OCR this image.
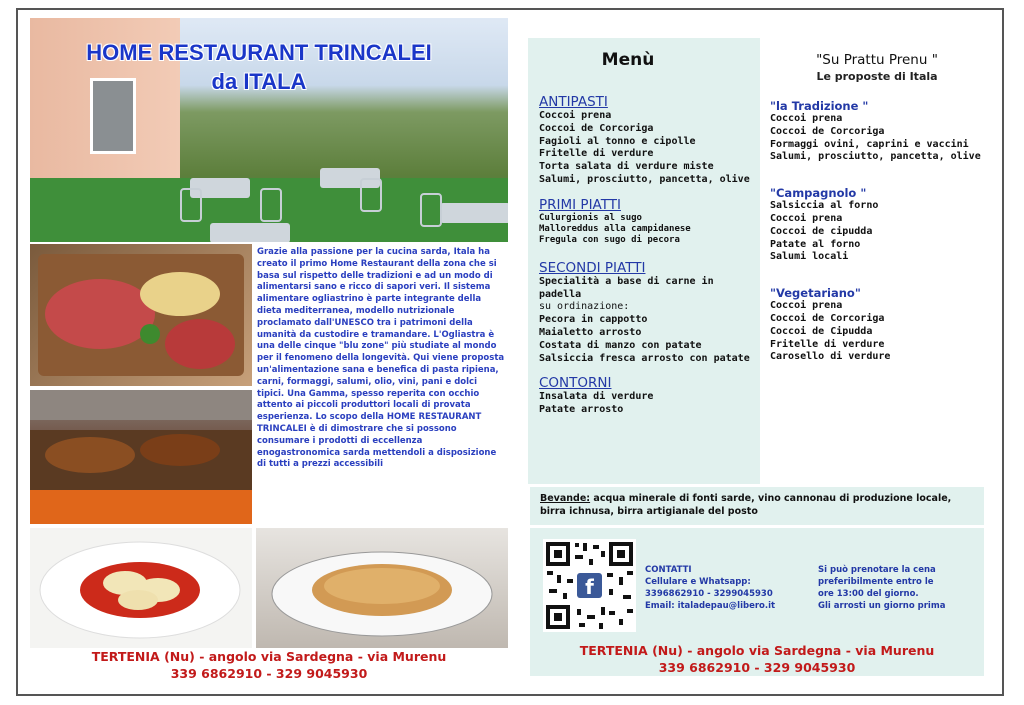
HOME RESTAURANT TRINCALEI
da ITALA
Grazie alla passione per la cucina sarda, Itala ha creato il primo Home Restaurant della zona che si basa sul rispetto delle tradizioni e ad un modo di alimentarsi sano e ricco di sapori veri. Il sistema alimentare ogliastrino è parte integrante della dieta mediterranea, modello nutrizionale proclamato dall'UNESCO tra i patrimoni della umanità da custodire e tramandare. L'Ogliastra è una delle cinque "blu zone" più studiate al mondo per il fenomeno della longevità. Qui viene proposta un'alimentazione sana e benefica di pasta ripiena, carni, formaggi, salumi, olio, vini, pani e dolci tipici. Una Gamma, spesso reperita con occhio attento ai piccoli produttori locali di provata esperienza. Lo scopo della HOME RESTAURANT TRINCALEI è di dimostrare che si possono consumare i prodotti di eccellenza enogastronomica sarda mettendoli a disposizione di tutti a prezzi accessibili
TERTENIA (Nu) - angolo via Sardegna - via Murenu
339 6862910 - 329 9045930
Menù
ANTIPASTI
Coccoi prena
Coccoi de Corcoriga
Fagioli al tonno e cipolle
Fritelle di verdure
Torta salata di verdure miste
Salumi, prosciutto, pancetta, olive
PRIMI PIATTI
Culurgionis al sugo
Malloreddus alla campidanese
Fregula con sugo di pecora
SECONDI PIATTI
Specialità a base di carne in padella
su ordinazione:
Pecora in cappotto
Maialetto arrosto
Costata di manzo con patate
Salsiccia fresca arrosto con patate
CONTORNI
Insalata di verdure
Patate arrosto
"Su Prattu Prenu "
Le proposte di Itala
"la Tradizione "
Coccoi prena
Coccoi de Corcoriga
Formaggi ovini, caprini e vaccini
Salumi, prosciutto, pancetta, olive
"Campagnolo "
Salsiccia al forno
Coccoi prena
Coccoi de cipudda
Patate al forno
Salumi locali
"Vegetariano"
Coccoi prena
Coccoi de Corcoriga
Coccoi de Cipudda
Fritelle di verdure
Carosello di verdure
Bevande: acqua minerale di fonti sarde, vino cannonau di produzione locale, birra ichnusa, birra artigianale del posto
f
CONTATTI
Cellulare e Whatsapp:
3396862910 - 3299045930
Email: italadepau@libero.it
Si può prenotare la cena
preferibilmente entro le
ore 13:00 del giorno.
Gli arrosti un giorno prima
TERTENIA (Nu) - angolo via Sardegna - via Murenu
339 6862910 - 329 9045930
